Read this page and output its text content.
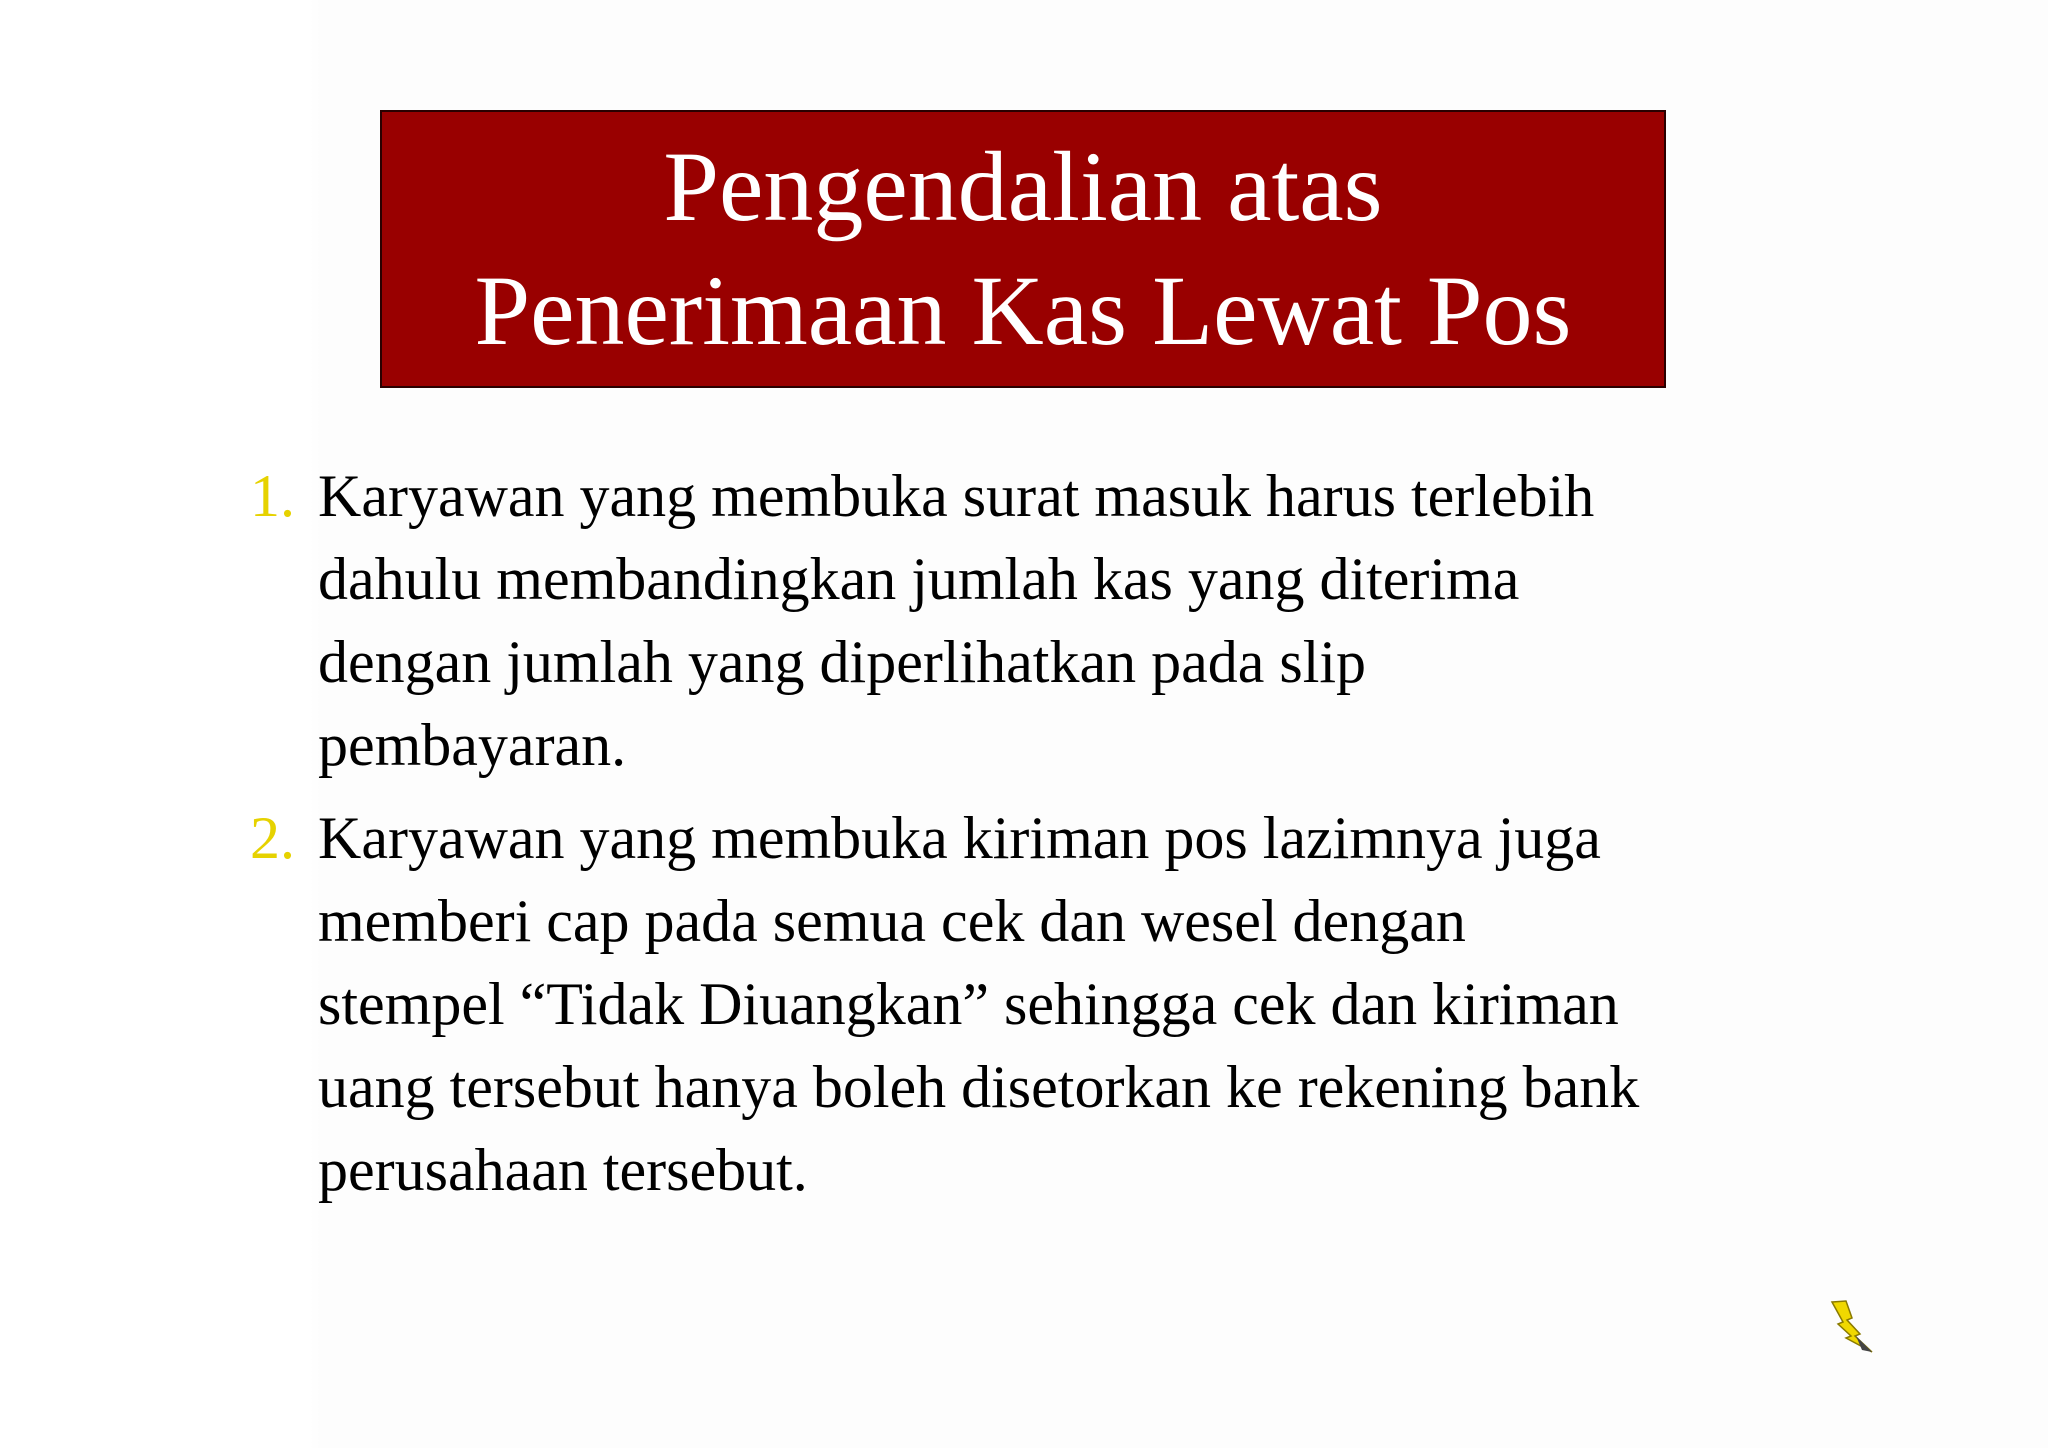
Pengendalian atas
Penerimaan Kas Lewat Pos
1. Karyawan yang membuka surat masuk harus terlebih
dahulu membandingkan jumlah kas yang diterima
dengan jumlah yang diperlihatkan pada slip
pembayaran.
2. Karyawan yang membuka kiriman pos lazimnya juga
memberi cap pada semua cek dan wesel dengan
stempel “Tidak Diuangkan” sehingga cek dan kiriman
uang tersebut hanya boleh disetorkan ke rekening bank
perusahaan tersebut.
